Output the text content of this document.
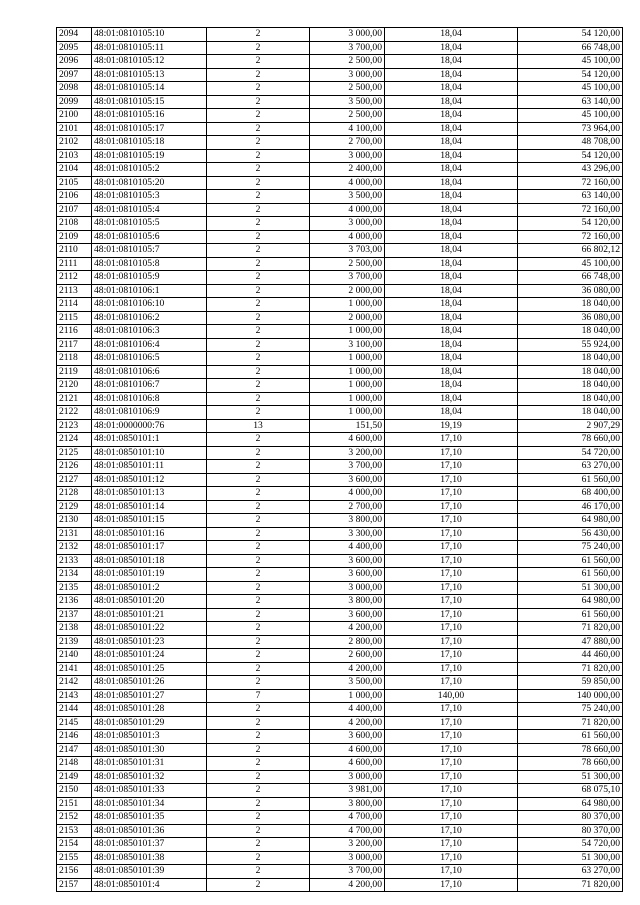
2094	48:01:0810105:10	2	3 000,00	18,04	54 120,00
2095	48:01:0810105:11	2	3 700,00	18,04	66 748,00
2096	48:01:0810105:12	2	2 500,00	18,04	45 100,00
2097	48:01:0810105:13	2	3 000,00	18,04	54 120,00
2098	48:01:0810105:14	2	2 500,00	18,04	45 100,00
2099	48:01:0810105:15	2	3 500,00	18,04	63 140,00
2100	48:01:0810105:16	2	2 500,00	18,04	45 100,00
2101	48:01:0810105:17	2	4 100,00	18,04	73 964,00
2102	48:01:0810105:18	2	2 700,00	18,04	48 708,00
2103	48:01:0810105:19	2	3 000,00	18,04	54 120,00
2104	48:01:0810105:2	2	2 400,00	18,04	43 296,00
2105	48:01:0810105:20	2	4 000,00	18,04	72 160,00
2106	48:01:0810105:3	2	3 500,00	18,04	63 140,00
2107	48:01:0810105:4	2	4 000,00	18,04	72 160,00
2108	48:01:0810105:5	2	3 000,00	18,04	54 120,00
2109	48:01:0810105:6	2	4 000,00	18,04	72 160,00
2110	48:01:0810105:7	2	3 703,00	18,04	66 802,12
2111	48:01:0810105:8	2	2 500,00	18,04	45 100,00
2112	48:01:0810105:9	2	3 700,00	18,04	66 748,00
2113	48:01:0810106:1	2	2 000,00	18,04	36 080,00
2114	48:01:0810106:10	2	1 000,00	18,04	18 040,00
2115	48:01:0810106:2	2	2 000,00	18,04	36 080,00
2116	48:01:0810106:3	2	1 000,00	18,04	18 040,00
2117	48:01:0810106:4	2	3 100,00	18,04	55 924,00
2118	48:01:0810106:5	2	1 000,00	18,04	18 040,00
2119	48:01:0810106:6	2	1 000,00	18,04	18 040,00
2120	48:01:0810106:7	2	1 000,00	18,04	18 040,00
2121	48:01:0810106:8	2	1 000,00	18,04	18 040,00
2122	48:01:0810106:9	2	1 000,00	18,04	18 040,00
2123	48:01:0000000:76	13	151,50	19,19	2 907,29
2124	48:01:0850101:1	2	4 600,00	17,10	78 660,00
2125	48:01:0850101:10	2	3 200,00	17,10	54 720,00
2126	48:01:0850101:11	2	3 700,00	17,10	63 270,00
2127	48:01:0850101:12	2	3 600,00	17,10	61 560,00
2128	48:01:0850101:13	2	4 000,00	17,10	68 400,00
2129	48:01:0850101:14	2	2 700,00	17,10	46 170,00
2130	48:01:0850101:15	2	3 800,00	17,10	64 980,00
2131	48:01:0850101:16	2	3 300,00	17,10	56 430,00
2132	48:01:0850101:17	2	4 400,00	17,10	75 240,00
2133	48:01:0850101:18	2	3 600,00	17,10	61 560,00
2134	48:01:0850101:19	2	3 600,00	17,10	61 560,00
2135	48:01:0850101:2	2	3 000,00	17,10	51 300,00
2136	48:01:0850101:20	2	3 800,00	17,10	64 980,00
2137	48:01:0850101:21	2	3 600,00	17,10	61 560,00
2138	48:01:0850101:22	2	4 200,00	17,10	71 820,00
2139	48:01:0850101:23	2	2 800,00	17,10	47 880,00
2140	48:01:0850101:24	2	2 600,00	17,10	44 460,00
2141	48:01:0850101:25	2	4 200,00	17,10	71 820,00
2142	48:01:0850101:26	2	3 500,00	17,10	59 850,00
2143	48:01:0850101:27	7	1 000,00	140,00	140 000,00
2144	48:01:0850101:28	2	4 400,00	17,10	75 240,00
2145	48:01:0850101:29	2	4 200,00	17,10	71 820,00
2146	48:01:0850101:3	2	3 600,00	17,10	61 560,00
2147	48:01:0850101:30	2	4 600,00	17,10	78 660,00
2148	48:01:0850101:31	2	4 600,00	17,10	78 660,00
2149	48:01:0850101:32	2	3 000,00	17,10	51 300,00
2150	48:01:0850101:33	2	3 981,00	17,10	68 075,10
2151	48:01:0850101:34	2	3 800,00	17,10	64 980,00
2152	48:01:0850101:35	2	4 700,00	17,10	80 370,00
2153	48:01:0850101:36	2	4 700,00	17,10	80 370,00
2154	48:01:0850101:37	2	3 200,00	17,10	54 720,00
2155	48:01:0850101:38	2	3 000,00	17,10	51 300,00
2156	48:01:0850101:39	2	3 700,00	17,10	63 270,00
2157	48:01:0850101:4	2	4 200,00	17,10	71 820,00
